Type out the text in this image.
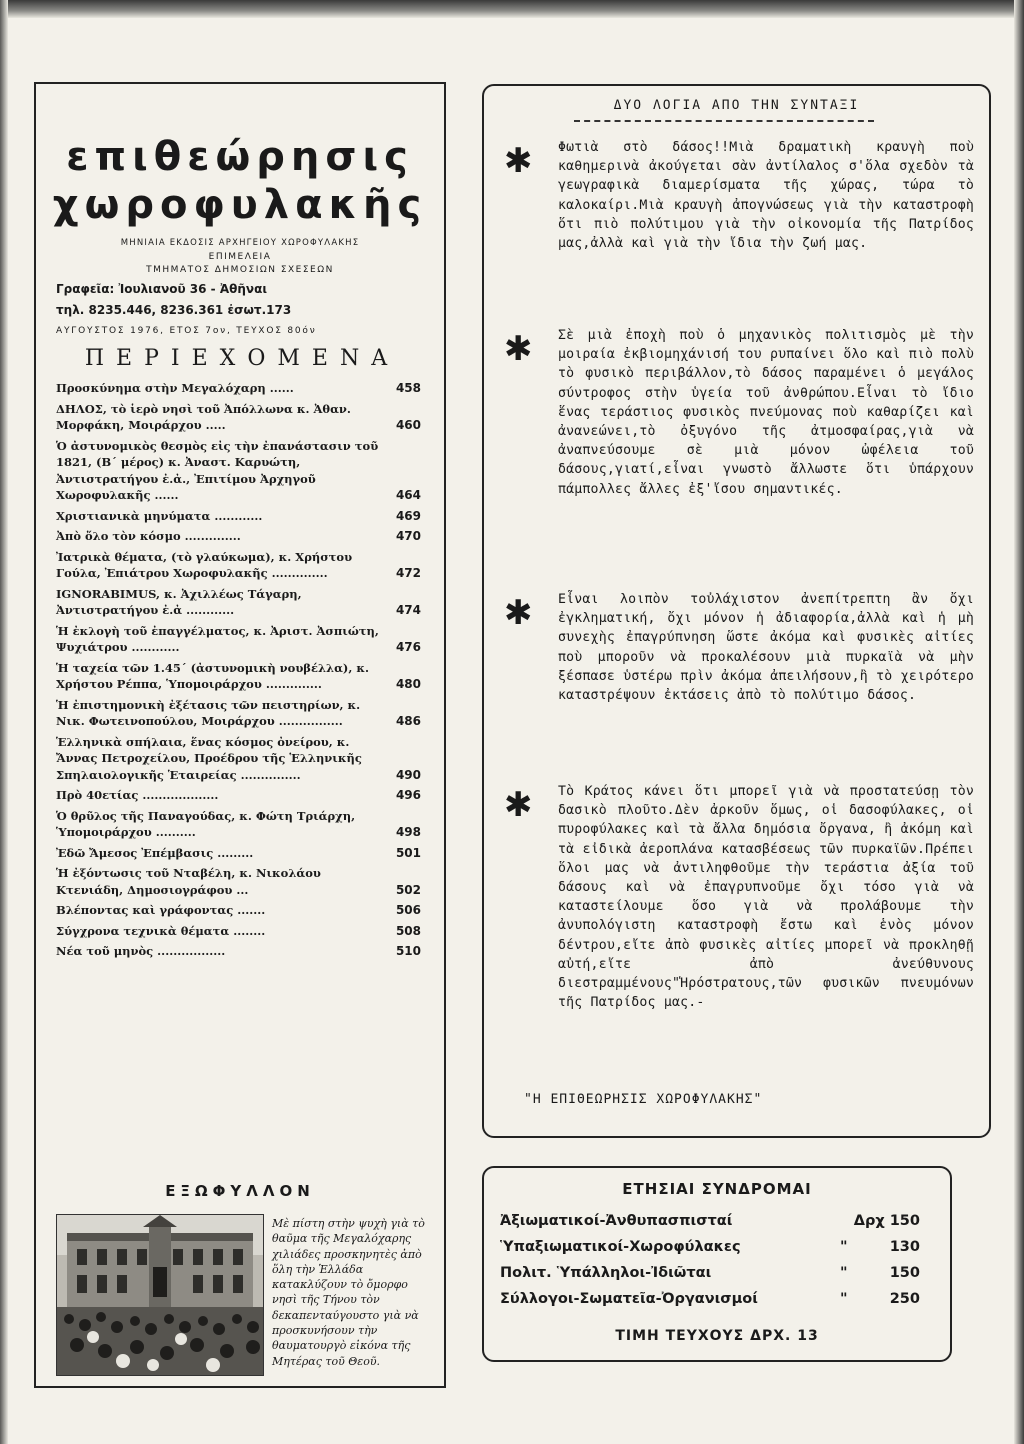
επιθεώρησις
χωροφυλακῆς
ΜΗΝΙΑΙΑ ΕΚΔΟΣΙΣ ΑΡΧΗΓΕΙΟΥ ΧΩΡΟΦΥΛΑΚΗΣ
ΕΠΙΜΕΛΕΙΑ
ΤΜΗΜΑΤΟΣ ΔΗΜΟΣΙΩΝ ΣΧΕΣΕΩΝ
Γραφεῖα: Ἰουλιανοῦ 36 - Ἀθῆναι
τηλ. 8235.446, 8236.361 ἐσωτ.173
ΑΥΓΟΥΣΤΟΣ 1976, ΕΤΟΣ 7ον, ΤΕΥΧΟΣ 80όν
ΠΕΡΙΕΧΟΜΕΝΑ
Προσκύνημα στὴν Μεγαλόχαρη ......	458
ΔΗΛΟΣ, τὸ ἱερὸ νησὶ τοῦ Ἀπόλλωνα κ. Ἀθαν. Μορφάκη, Μοιράρχου .....	460
Ὁ ἀστυνομικὸς θεσμὸς εἰς τὴν ἐπανάστασιν τοῦ 1821, (Β΄ μέρος) κ. Ἀναστ. Καρυώτη, Ἀντιστρατήγου ἐ.ἀ., Ἐπιτίμου Ἀρχηγοῦ Χωροφυλακῆς ......	464
Χριστιανικὰ μηνύματα ............	469
Ἀπὸ ὅλο τὸν κόσμο ..............	470
Ἰατρικὰ θέματα, (τὸ γλαύκωμα), κ. Χρήστου Γούλα, Ἐπιάτρου Χωροφυλακῆς ..............	472
IGNORABIMUS, κ. Ἀχιλλέως Τάγαρη, Ἀντιστρατήγου ἐ.ἀ ............	474
Ἡ ἐκλογὴ τοῦ ἐπαγγέλματος, κ. Ἀριστ. Ἀσπιώτη, Ψυχιάτρου ............	476
Ἡ ταχεία τῶν 1.45΄ (ἀστυνομικὴ νουβέλλα), κ. Χρήστου Ρέππα, Ὑπομοιράρχου ..............	480
Ἡ ἐπιστημονικὴ ἐξέτασις τῶν πειστηρίων, κ. Νικ. Φωτεινοπούλου, Μοιράρχου ................	486
Ἑλληνικὰ σπήλαια, ἕνας κόσμος ὀνείρου, κ. Ἄννας Πετροχείλου, Προέδρου τῆς Ἑλληνικῆς Σπηλαιολογικῆς Ἑταιρείας ...............	490
Πρὸ 40ετίας ...................	496
Ὁ θρῦλος τῆς Παναγούδας, κ. Φώτη Τριάρχη, Ὑπομοιράρχου ..........	498
Ἐδῶ Ἄμεσος Ἐπέμβασις .........	501
Ἡ ἐξόντωσις τοῦ Νταβέλη, κ. Νικολάου Κτενιάδη, Δημοσιογράφου ...	502
Βλέποντας καὶ γράφοντας .......	506
Σύγχρονα τεχνικὰ θέματα ........	508
Νέα τοῦ μηνὸς .................	510
ΕΞΩΦΥΛΛΟΝ
Μὲ πίστη στὴν ψυχὴ γιὰ τὸ θαῦμα τῆς Μεγαλόχαρης χιλιάδες προσκηνητὲς ἀπὸ ὅλη τὴν Ἑλλάδα κατακλύζουν τὸ ὄμορφο νησὶ τῆς Τήνου τὸν δεκαπενταύγουστο γιὰ νὰ προσκυνήσουν τὴν θαυματουργὸ εἰκόνα τῆς Μητέρας τοῦ Θεοῦ.
ΔΥΟ ΛΟΓΙΑ ΑΠΟ ΤΗΝ ΣΥΝΤΑΞΙ
✱ Φωτιὰ στὸ δάσος!!Μιὰ δραματικὴ κραυγὴ ποὺ καθημερινὰ ἀκούγεται σὰν ἀντίλαλος σ'ὅλα σχεδὸν τὰ γεωγραφικὰ διαμερίσματα τῆς χώρας, τώρα τὸ καλοκαίρι.Μιὰ κραυγὴ ἀπογνώσεως γιὰ τὴν καταστροφὴ ὅτι πιὸ πολύτιμου γιὰ τὴν οἰκονομία τῆς Πατρίδος μας,ἀλλὰ καὶ γιὰ τὴν ἴδια τὴν ζωή μας.

✱ Σὲ μιὰ ἐποχὴ ποὺ ὁ μηχανικὸς πολιτισμὸς μὲ τὴν μοιραία ἐκβιομηχάνισή του ρυπαίνει ὅλο καὶ πιὸ πολὺ τὸ φυσικὸ περιβάλλον,τὸ δάσος παραμένει ὁ μεγάλος σύντροφος στὴν ὑγεία τοῦ ἀνθρώπου.Εἶναι τὸ ἴδιο ἕνας τεράστιος φυσικὸς πνεύμονας ποὺ καθαρίζει καὶ ἀνανεώνει,τὸ ὀξυγόνο τῆς ἀτμοσφαίρας,γιὰ νὰ ἀναπνεύσουμε σὲ μιὰ μόνον ὠφέλεια τοῦ δάσους,γιατί,εἶναι γνωστὸ ἄλλωστε ὅτι ὑπάρχουν πάμπολλες ἄλλες ἐξ'ἴσου σημαντικές.

✱ Εἶναι λοιπὸν τοὐλάχιστον ἀνεπίτρεπτη ἂν ὄχι ἐγκληματική, ὄχι μόνον ἡ ἀδιαφορία,ἀλλὰ καὶ ἡ μὴ συνεχὴς ἐπαγρύπνηση ὥστε ἀκόμα καὶ φυσικὲς αἰτίες ποὺ μποροῦν νὰ προκαλέσουν μιὰ πυρκαϊὰ νὰ μὴν ξέσπασε ὑστέρω πρὶν ἀκόμα ἀπειλήσουν,ἢ τὸ χειρότερο καταστρέψουν ἐκτάσεις ἀπὸ τὸ πολύτιμο δάσος.

✱ Τὸ Κράτος κάνει ὅτι μπορεῖ γιὰ νὰ προστατεύσῃ τὸν δασικὸ πλοῦτο.Δὲν ἀρκοῦν ὅμως, οἱ δασοφύλακες, οἱ πυροφύλακες καὶ τὰ ἄλλα δημόσια ὄργανα, ἢ ἀκόμη καὶ τὰ εἰδικὰ ἀεροπλάνα κατασβέσεως τῶν πυρκαϊῶν.Πρέπει ὅλοι μας νὰ ἀντιληφθοῦμε τὴν τεράστια ἀξία τοῦ δάσους καὶ νὰ ἐπαγρυπνοῦμε ὄχι τόσο γιὰ νὰ καταστείλουμε ὅσο γιὰ νὰ προλάβουμε τὴν ἀνυπολόγιστη καταστροφὴ ἔστω καὶ ἑνὸς μόνον δέντρου,εἴτε ἀπὸ φυσικὲς αἰτίες μπορεῖ νὰ προκληθῇ αὐτή,εἴτε ἀπὸ ἀνεύθυνους διεστραμμένους"Ἡρόστρατους,τῶν φυσικῶν πνευμόνων τῆς Πατρίδος μας.-

"Η ΕΠΙΘΕΩΡΗΣΙΣ ΧΩΡΟΦΥΛΑΚΗΣ"
ΕΤΗΣΙΑΙ ΣΥΝΔΡΟΜΑΙ
Ἀξιωματικοί-Ἀνθυπασπισταί	Δρχ 150
Ὑπαξιωματικοί-Χωροφύλακες	"	130
Πολιτ. Ὑπάλληλοι-Ἰδιῶται	"	150
Σύλλογοι-Σωματεῖα-Ὀργανισμοί	"	250
ΤΙΜΗ ΤΕΥΧΟΥΣ ΔΡΧ. 13
